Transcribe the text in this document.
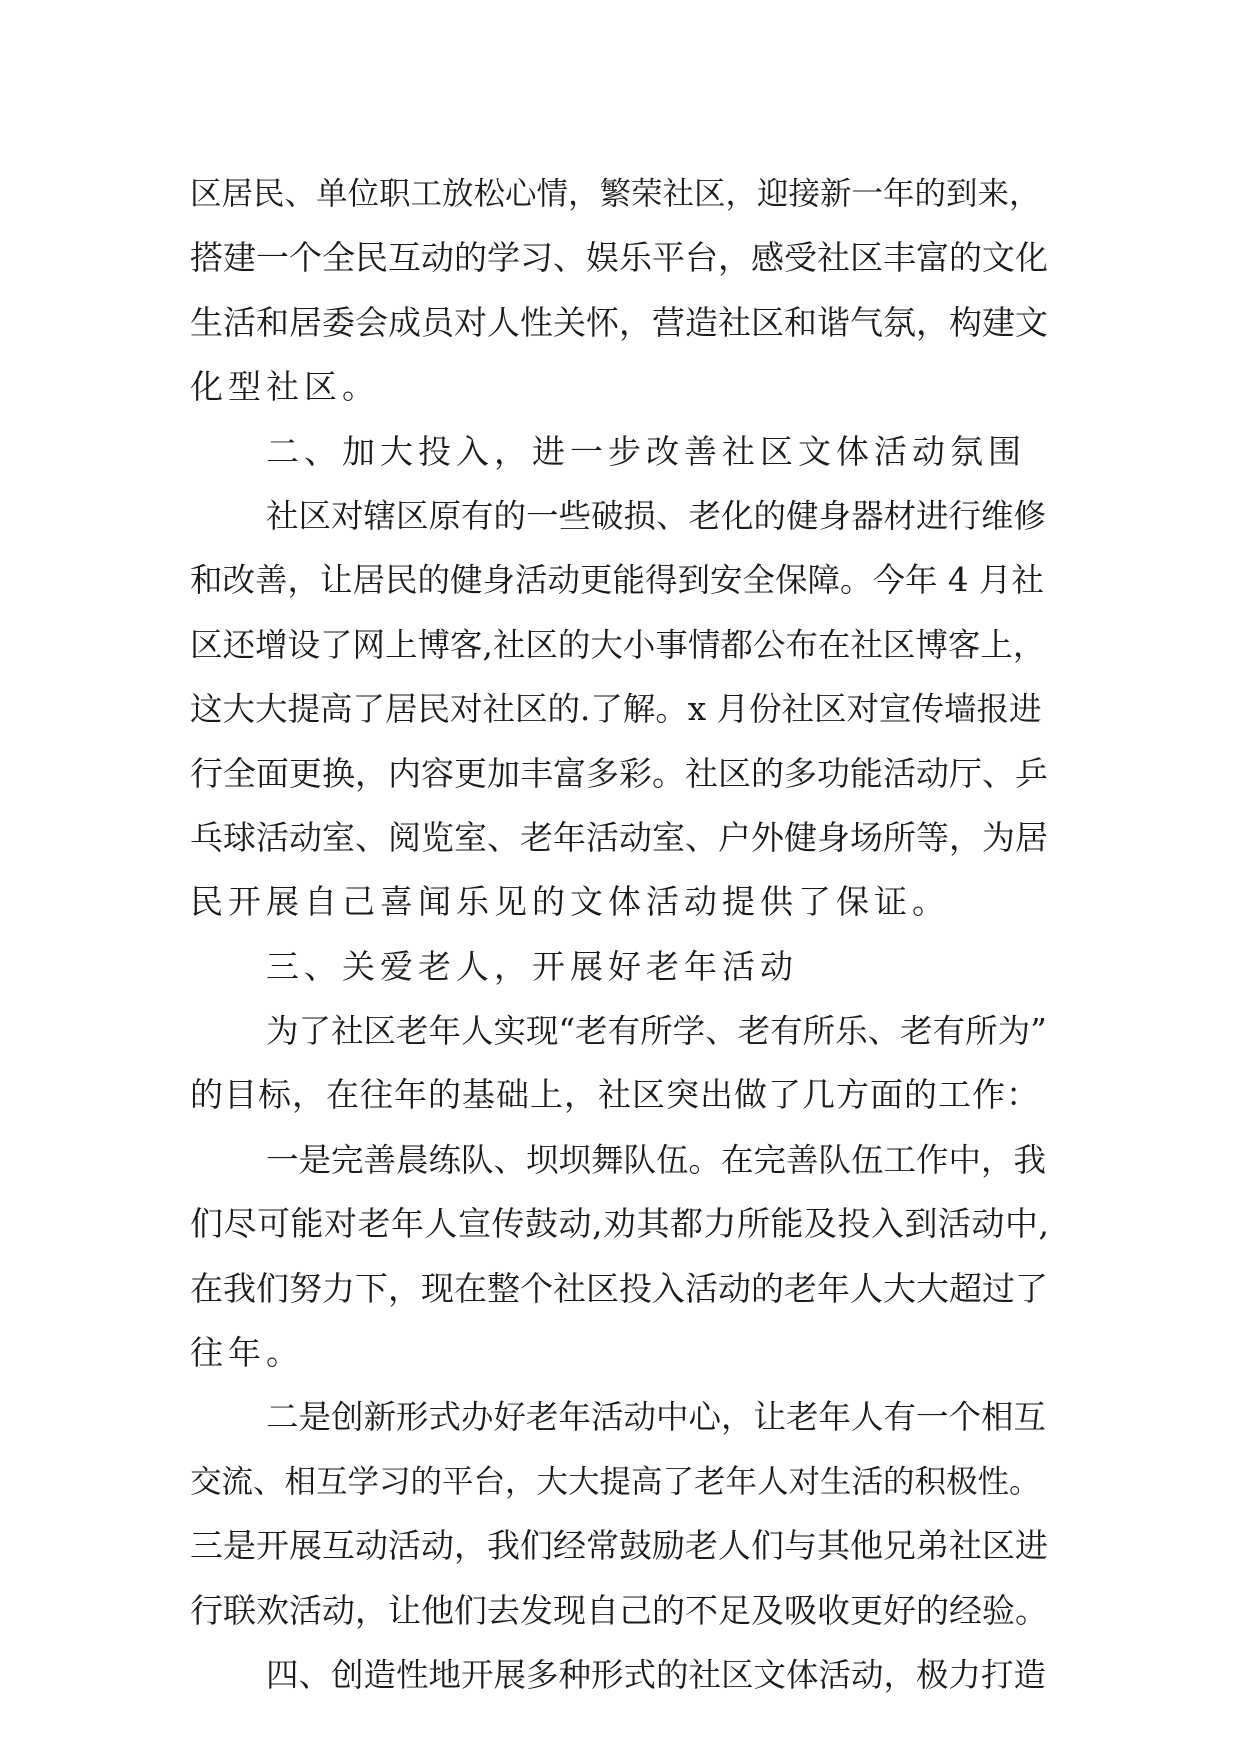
区居民、单位职工放松心情，繁荣社区，迎接新一年的到来，
搭建一个全民互动的学习、娱乐平台，感受社区丰富的文化
生活和居委会成员对人性关怀，营造社区和谐气氛，构建文
化型社区。
二、加大投入，进一步改善社区文体活动氛围
社区对辖区原有的一些破损、老化的健身器材进行维修
和改善，让居民的健身活动更能得到安全保障。今年 4 月社
区还增设了网上博客,社区的大小事情都公布在社区博客上，
这大大提高了居民对社区的.了解。x 月份社区对宣传墙报进
行全面更换，内容更加丰富多彩。社区的多功能活动厅、乒
乓球活动室、阅览室、老年活动室、户外健身场所等，为居
民开展自己喜闻乐见的文体活动提供了保证。
三、关爱老人，开展好老年活动
为了社区老年人实现“老有所学、老有所乐、老有所为”
的目标，在往年的基础上，社区突出做了几方面的工作：
一是完善晨练队、坝坝舞队伍。在完善队伍工作中，我
们尽可能对老年人宣传鼓动,劝其都力所能及投入到活动中,
在我们努力下，现在整个社区投入活动的老年人大大超过了
往年。
二是创新形式办好老年活动中心，让老年人有一个相互
交流、相互学习的平台，大大提高了老年人对生活的积极性。
三是开展互动活动，我们经常鼓励老人们与其他兄弟社区进
行联欢活动，让他们去发现自己的不足及吸收更好的经验。
四、创造性地开展多种形式的社区文体活动，极力打造
